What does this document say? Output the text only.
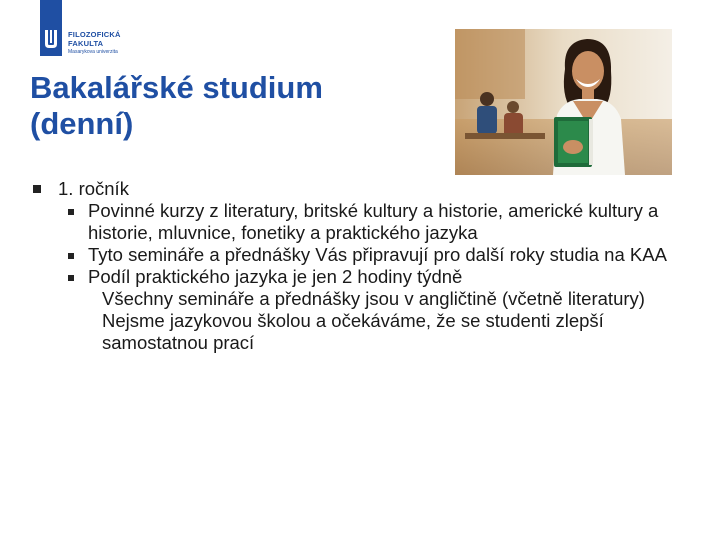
FILOZOFICKÁ
FAKULTA
Masarykova univerzita
Bakalářské studium
(denní)
1. ročník
Povinné kurzy z literatury, britské kultury a historie, americké kultury a historie, mluvnice, fonetiky a praktického jazyka
Tyto semináře a přednášky Vás připravují pro další roky studia na KAA
Podíl praktického jazyka je jen 2 hodiny týdně
Všechny semináře a přednášky jsou v angličtině (včetně literatury)
Nejsme jazykovou školou a očekáváme, že se studenti zlepší samostatnou prací
